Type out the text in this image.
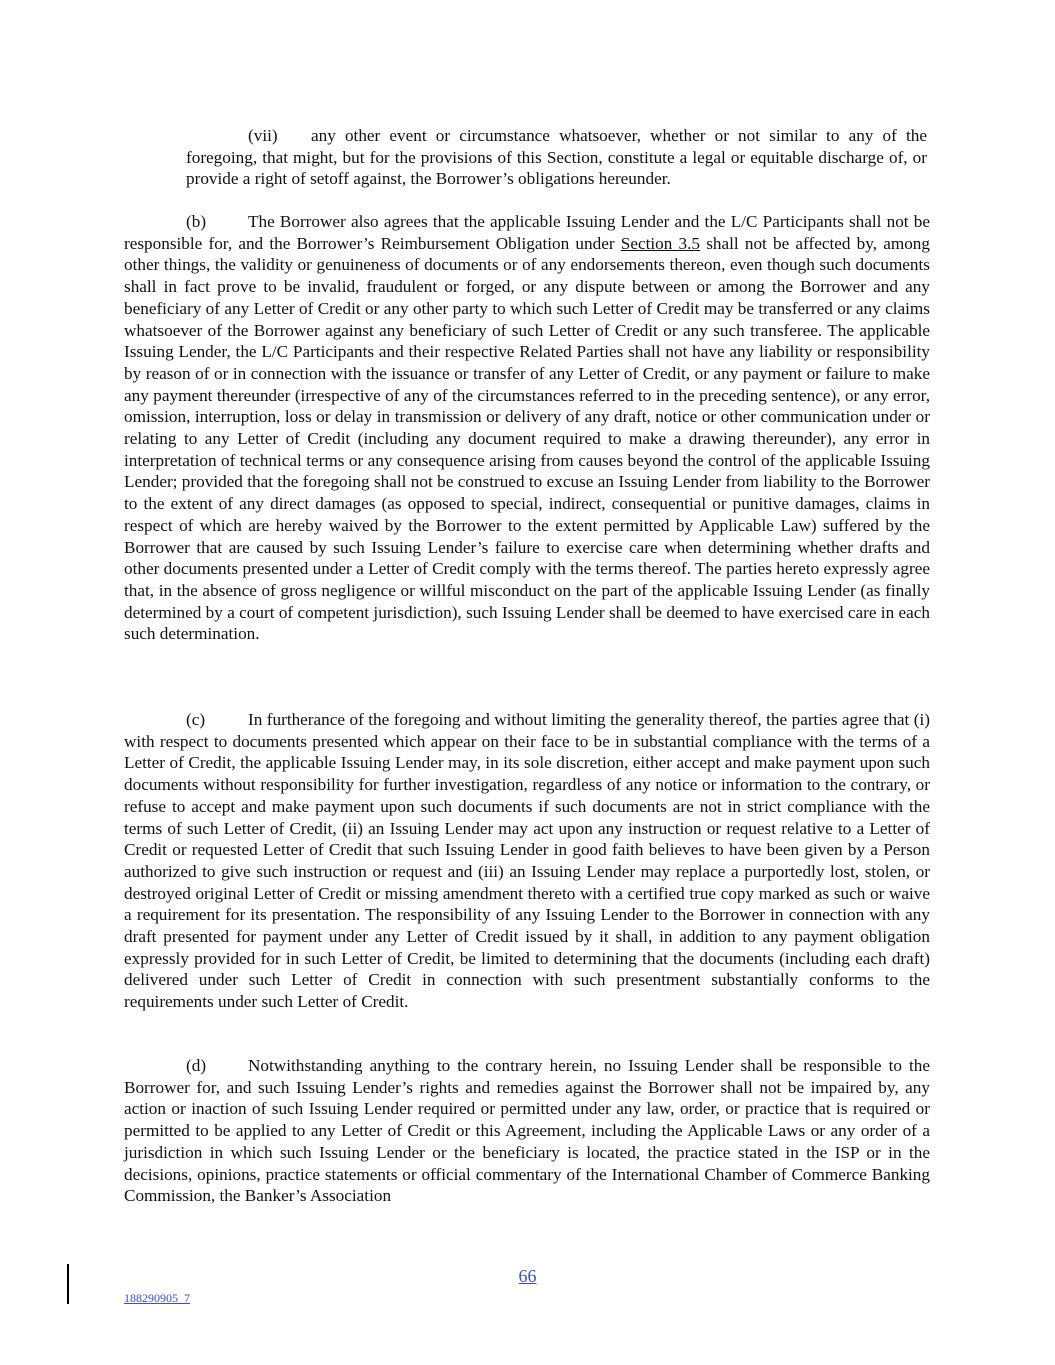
(vii) any other event or circumstance whatsoever, whether or not similar to any of the foregoing, that might, but for the provisions of this Section, constitute a legal or equitable discharge of, or provide a right of setoff against, the Borrower’s obligations hereunder.

(b) The Borrower also agrees that the applicable Issuing Lender and the L/C Participants shall not be responsible for, and the Borrower’s Reimbursement Obligation under Section 3.5 shall not be affected by, among other things, the validity or genuineness of documents or of any endorsements thereon, even though such documents shall in fact prove to be invalid, fraudulent or forged, or any dispute between or among the Borrower and any beneficiary of any Letter of Credit or any other party to which such Letter of Credit may be transferred or any claims whatsoever of the Borrower against any beneficiary of such Letter of Credit or any such transferee. The applicable Issuing Lender, the L/C Participants and their respective Related Parties shall not have any liability or responsibility by reason of or in connection with the issuance or transfer of any Letter of Credit, or any payment or failure to make any payment thereunder (irrespective of any of the circumstances referred to in the preceding sentence), or any error, omission, interruption, loss or delay in transmission or delivery of any draft, notice or other communication under or relating to any Letter of Credit (including any document required to make a drawing thereunder), any error in interpretation of technical terms or any consequence arising from causes beyond the control of the applicable Issuing Lender; provided that the foregoing shall not be construed to excuse an Issuing Lender from liability to the Borrower to the extent of any direct damages (as opposed to special, indirect, consequential or punitive damages, claims in respect of which are hereby waived by the Borrower to the extent permitted by Applicable Law) suffered by the Borrower that are caused by such Issuing Lender’s failure to exercise care when determining whether drafts and other documents presented under a Letter of Credit comply with the terms thereof. The parties hereto expressly agree that, in the absence of gross negligence or willful misconduct on the part of the applicable Issuing Lender (as finally determined by a court of competent jurisdiction), such Issuing Lender shall be deemed to have exercised care in each such determination.

(c) In furtherance of the foregoing and without limiting the generality thereof, the parties agree that (i) with respect to documents presented which appear on their face to be in substantial compliance with the terms of a Letter of Credit, the applicable Issuing Lender may, in its sole discretion, either accept and make payment upon such documents without responsibility for further investigation, regardless of any notice or information to the contrary, or refuse to accept and make payment upon such documents if such documents are not in strict compliance with the terms of such Letter of Credit, (ii) an Issuing Lender may act upon any instruction or request relative to a Letter of Credit or requested Letter of Credit that such Issuing Lender in good faith believes to have been given by a Person authorized to give such instruction or request and (iii) an Issuing Lender may replace a purportedly lost, stolen, or destroyed original Letter of Credit or missing amendment thereto with a certified true copy marked as such or waive a requirement for its presentation. The responsibility of any Issuing Lender to the Borrower in connection with any draft presented for payment under any Letter of Credit issued by it shall, in addition to any payment obligation expressly provided for in such Letter of Credit, be limited to determining that the documents (including each draft) delivered under such Letter of Credit in connection with such presentment substantially conforms to the requirements under such Letter of Credit.

(d) Notwithstanding anything to the contrary herein, no Issuing Lender shall be responsible to the Borrower for, and such Issuing Lender’s rights and remedies against the Borrower shall not be impaired by, any action or inaction of such Issuing Lender required or permitted under any law, order, or practice that is required or permitted to be applied to any Letter of Credit or this Agreement, including the Applicable Laws or any order of a jurisdiction in which such Issuing Lender or the beneficiary is located, the practice stated in the ISP or in the decisions, opinions, practice statements or official commentary of the International Chamber of Commerce Banking Commission, the Banker’s Association

66
188290905_7
